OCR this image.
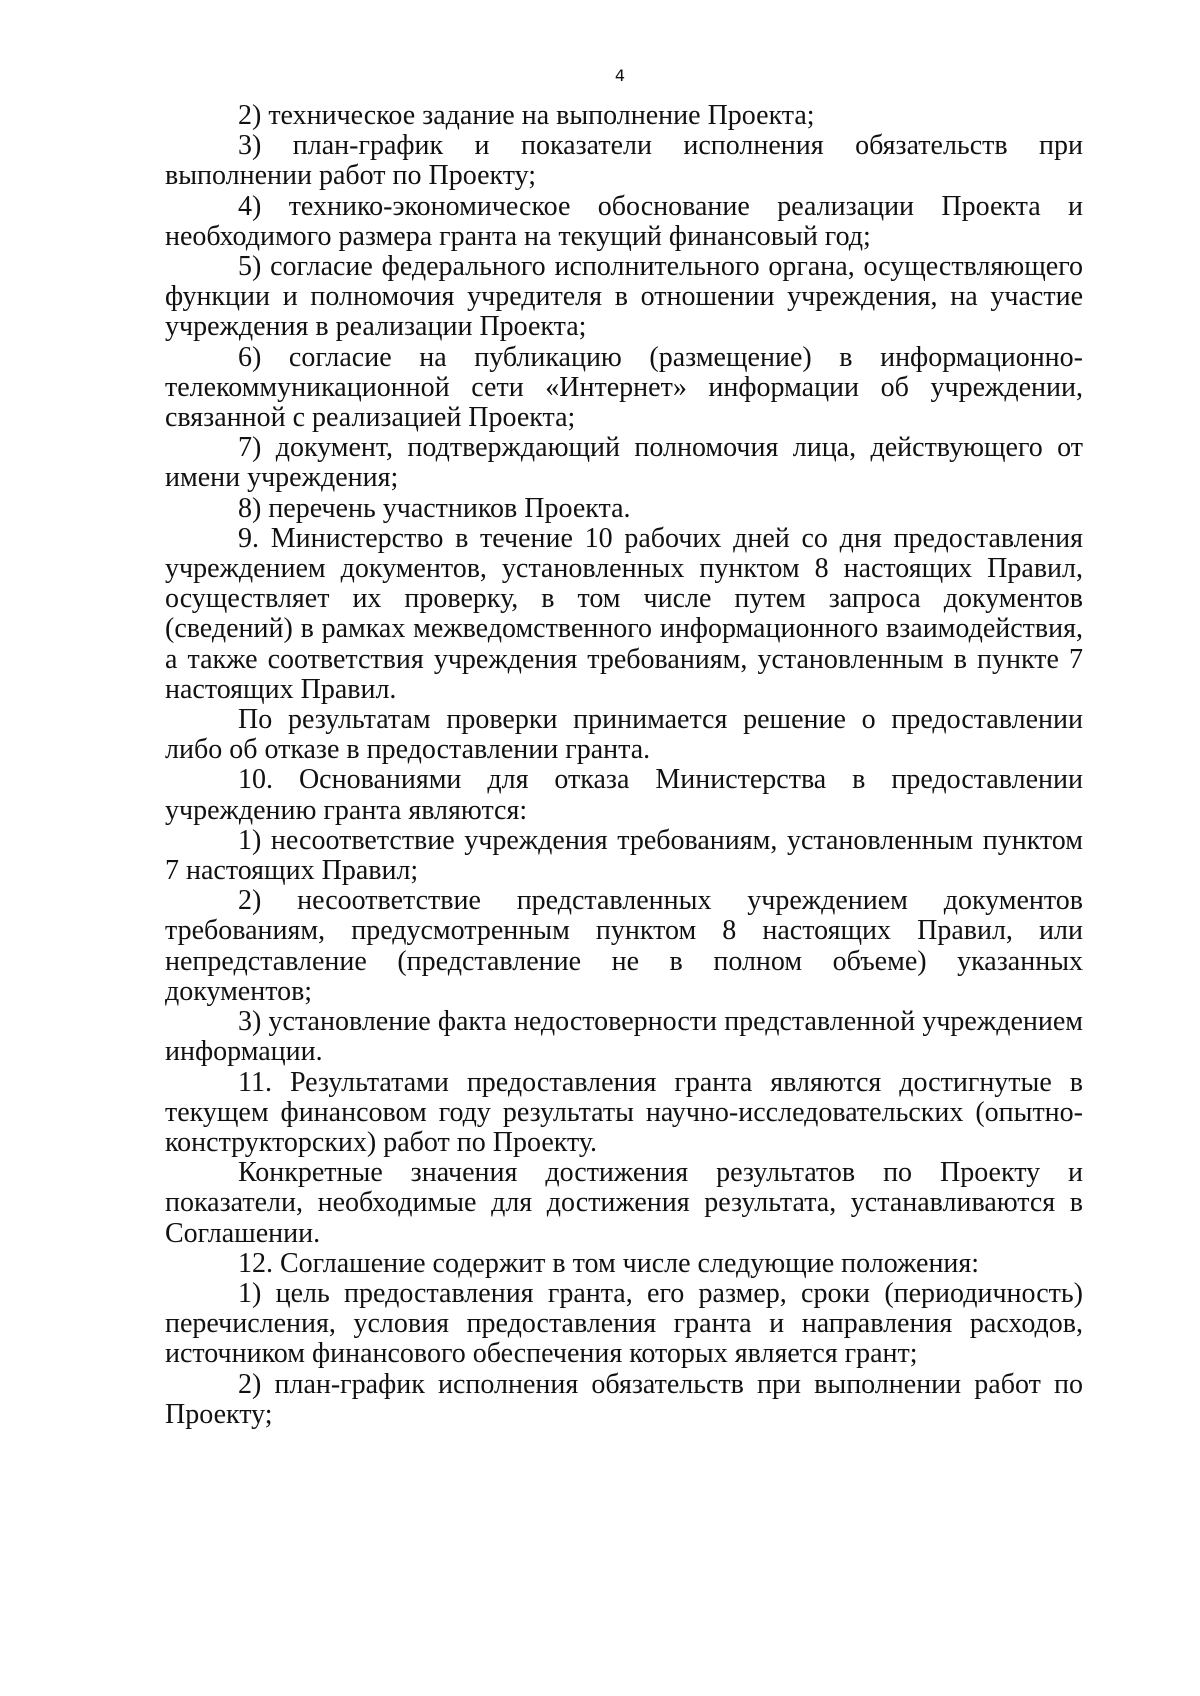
4

2) техническое задание на выполнение Проекта;

3) план-график и показатели исполнения обязательств при выполнении работ по Проекту;

4) технико-экономическое обоснование реализации Проекта и необходимого размера гранта на текущий финансовый год;

5) согласие федерального исполнительного органа, осуществляющего функции и полномочия учредителя в отношении учреждения, на участие учреждения в реализации Проекта;

6) согласие на публикацию (размещение) в информационно-телекоммуникационной сети «Интернет» информации об учреждении, связанной с реализацией Проекта;

7) документ, подтверждающий полномочия лица, действующего от имени учреждения;

8) перечень участников Проекта.

9. Министерство в течение 10 рабочих дней со дня предоставления учреждением документов, установленных пунктом 8 настоящих Правил, осуществляет их проверку, в том числе путем запроса документов (сведений) в рамках межведомственного информационного взаимодействия, а также соответствия учреждения требованиям, установленным в пункте 7 настоящих Правил.

По результатам проверки принимается решение о предоставлении либо об отказе в предоставлении гранта.

10. Основаниями для отказа Министерства в предоставлении учреждению гранта являются:

1) несоответствие учреждения требованиям, установленным пунктом 7 настоящих Правил;

2) несоответствие представленных учреждением документов требованиям, предусмотренным пунктом 8 настоящих Правил, или непредставление (представление не в полном объеме) указанных документов;

3) установление факта недостоверности представленной учреждением информации.

11. Результатами предоставления гранта являются достигнутые в текущем финансовом году результаты научно-исследовательских (опытно-конструкторских) работ по Проекту.

Конкретные значения достижения результатов по Проекту и показатели, необходимые для достижения результата, устанавливаются в Соглашении.

12. Соглашение содержит в том числе следующие положения:

1) цель предоставления гранта, его размер, сроки (периодичность) перечисления, условия предоставления гранта и направления расходов, источником финансового обеспечения которых является грант;

2) план-график исполнения обязательств при выполнении работ по Проекту;
